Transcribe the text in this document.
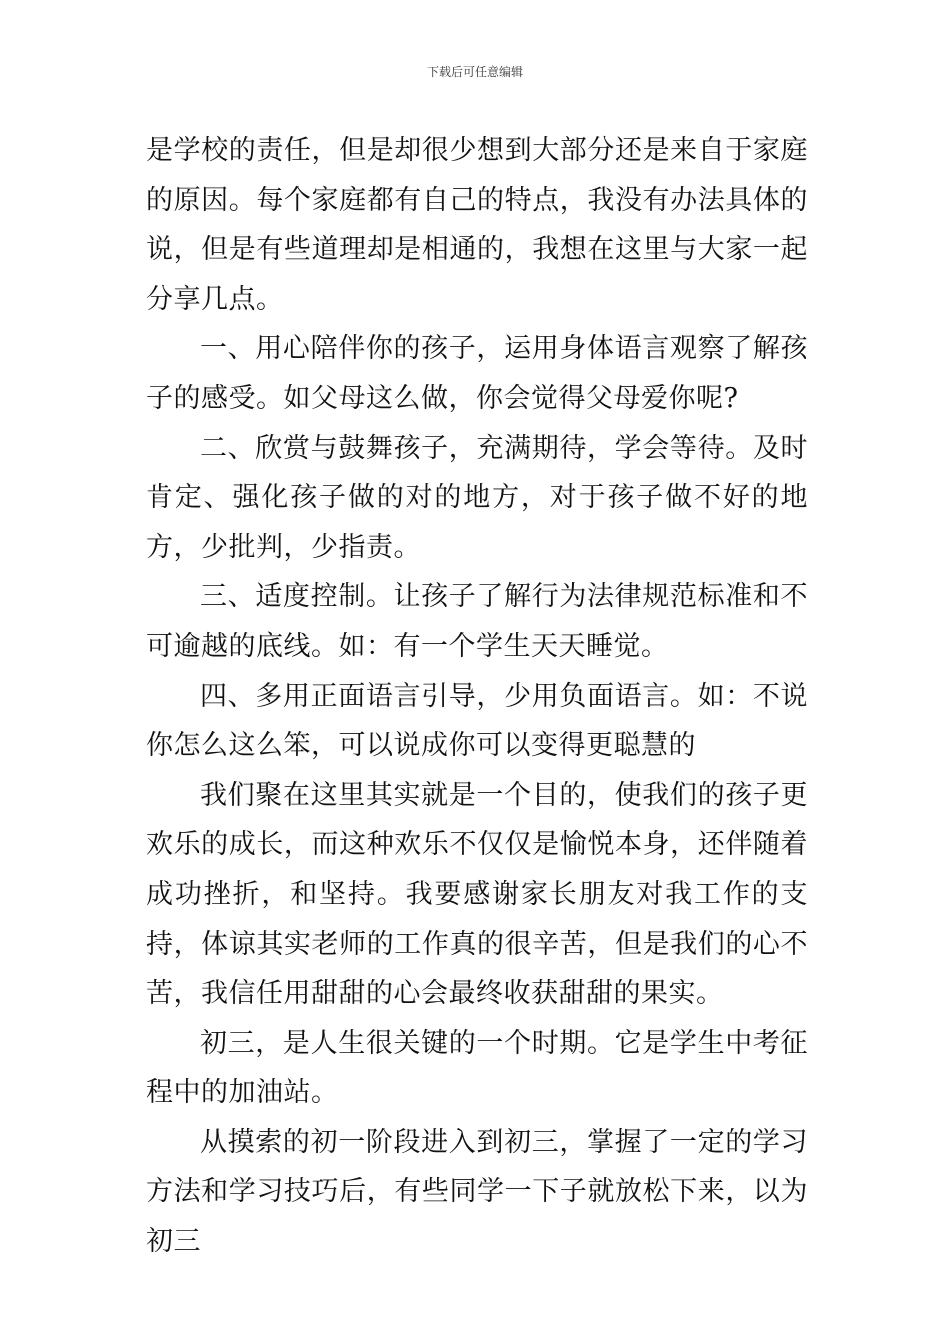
下载后可任意编辑

是学校的责任，但是却很少想到大部分还是来自于家庭的原因。每个家庭都有自己的特点，我没有办法具体的说，但是有些道理却是相通的，我想在这里与大家一起分享几点。

一、用心陪伴你的孩子，运用身体语言观察了解孩子的感受。如父母这么做，你会觉得父母爱你呢?

二、欣赏与鼓舞孩子，充满期待，学会等待。及时肯定、强化孩子做的对的地方，对于孩子做不好的地方，少批判，少指责。

三、适度控制。让孩子了解行为法律规范标准和不可逾越的底线。如：有一个学生天天睡觉。

四、多用正面语言引导，少用负面语言。如：不说你怎么这么笨，可以说成你可以变得更聪慧的

我们聚在这里其实就是一个目的，使我们的孩子更欢乐的成长，而这种欢乐不仅仅是愉悦本身，还伴随着成功挫折，和坚持。我要感谢家长朋友对我工作的支持，体谅其实老师的工作真的很辛苦，但是我们的心不苦，我信任用甜甜的心会最终收获甜甜的果实。

初三，是人生很关键的一个时期。它是学生中考征程中的加油站。

从摸索的初一阶段进入到初三，掌握了一定的学习方法和学习技巧后，有些同学一下子就放松下来，以为初三
